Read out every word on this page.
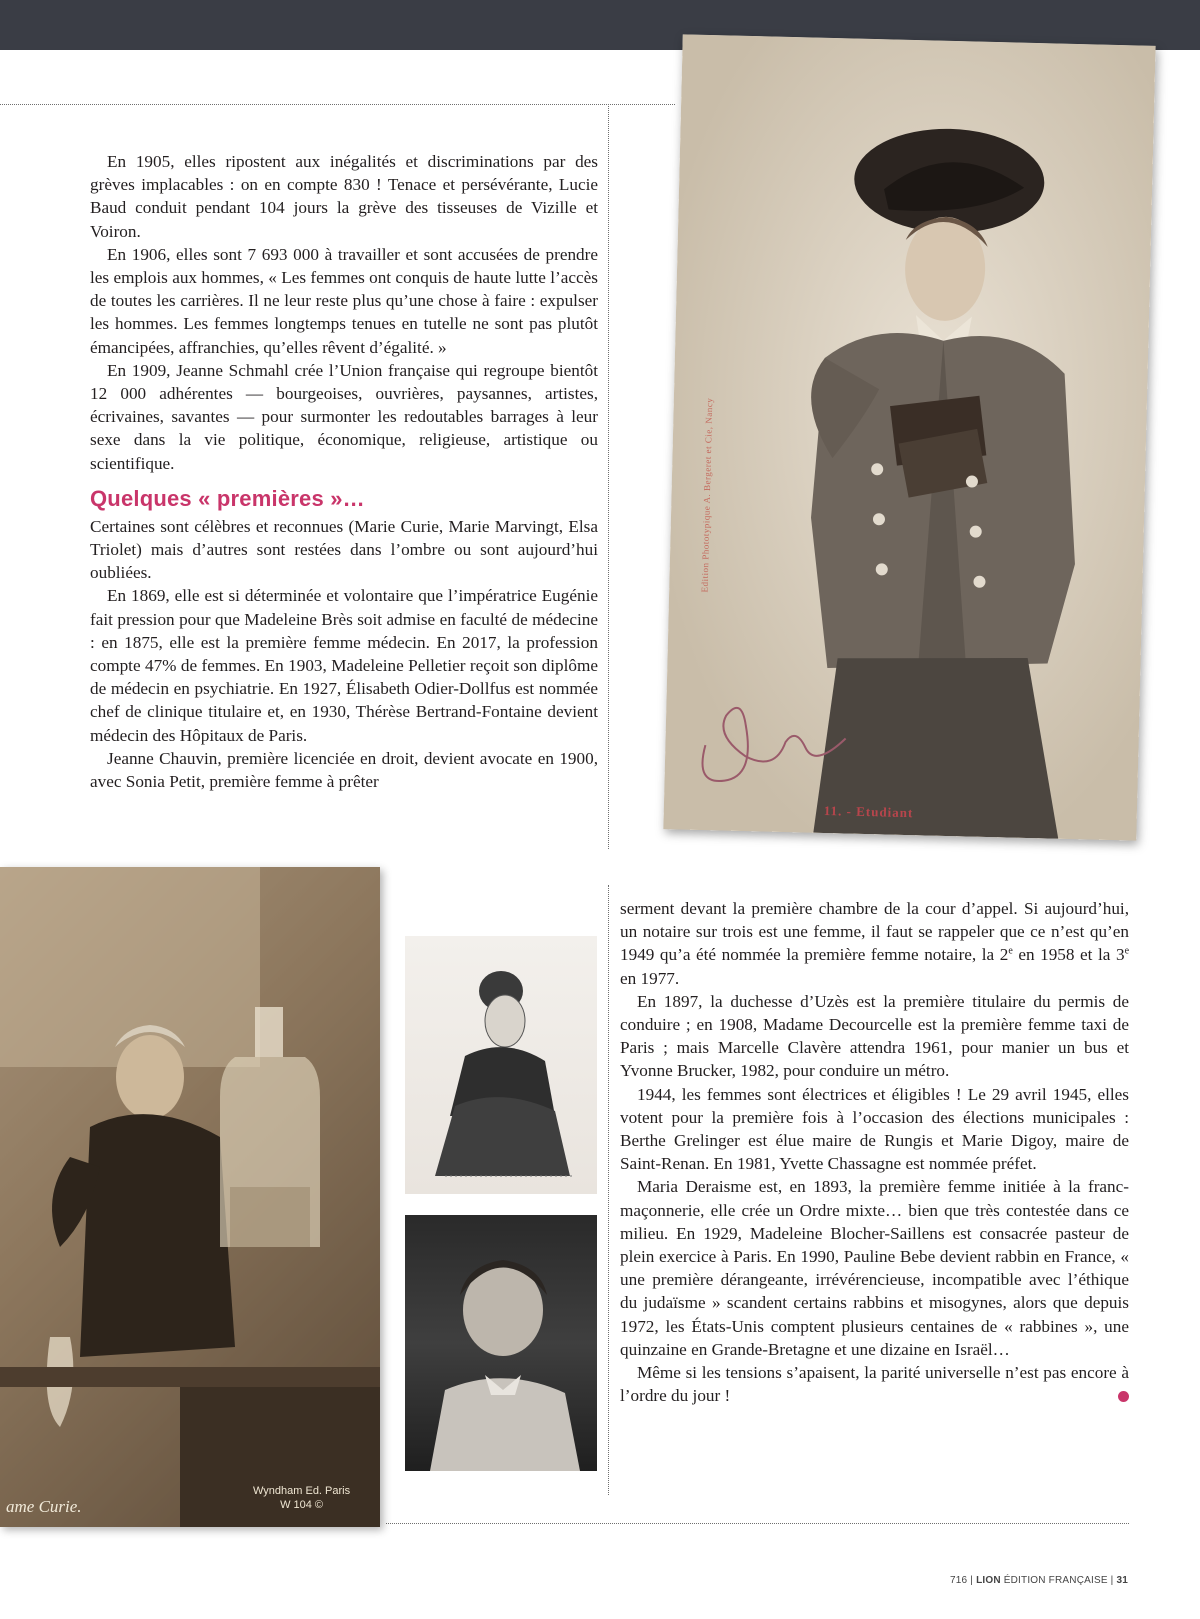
En 1905, elles ripostent aux inégalités et discriminations par des grèves implacables : on en compte 830 ! Tenace et persévérante, Lucie Baud conduit pendant 104 jours la grève des tisseuses de Vizille et Voiron.

En 1906, elles sont 7 693 000 à travailler et sont accusées de prendre les emplois aux hommes, « Les femmes ont conquis de haute lutte l’accès de toutes les carrières. Il ne leur reste plus qu’une chose à faire : expulser les hommes. Les femmes longtemps tenues en tutelle ne sont pas plutôt émancipées, affranchies, qu’elles rêvent d’égalité. »

En 1909, Jeanne Schmahl crée l’Union française qui regroupe bientôt 12 000 adhérentes — bourgeoises, ouvrières, paysannes, artistes, écrivaines, savantes — pour surmonter les redoutables barrages à leur sexe dans la vie politique, économique, religieuse, artistique ou scientifique.

Quelques « premières »…

Certaines sont célèbres et reconnues (Marie Curie, Marie Marvingt, Elsa Triolet) mais d’autres sont restées dans l’ombre ou sont aujourd’hui oubliées.

En 1869, elle est si déterminée et volontaire que l’impératrice Eugénie fait pression pour que Madeleine Brès soit admise en faculté de médecine : en 1875, elle est la première femme médecin. En 2017, la profession compte 47% de femmes. En 1903, Madeleine Pelletier reçoit son diplôme de médecin en psychiatrie. En 1927, Élisabeth Odier-Dollfus est nommée chef de clinique titulaire et, en 1930, Thérèse Bertrand-Fontaine devient médecin des Hôpitaux de Paris.

Jeanne Chauvin, première licenciée en droit, devient avocate en 1900, avec Sonia Petit, première femme à prêter

Edition Phototypique A. Bergeret et Cie, Nancy
11. - Etudiant
ame Curie.
Wyndham Ed. Paris
W 104 ©

serment devant la première chambre de la cour d’appel. Si aujourd’hui, un notaire sur trois est une femme, il faut se rappeler que ce n’est qu’en 1949 qu’a été nommée la première femme notaire, la 2e en 1958 et la 3e en 1977.

En 1897, la duchesse d’Uzès est la première titulaire du permis de conduire ; en 1908, Madame Decourcelle est la première femme taxi de Paris ; mais Marcelle Clavère attendra 1961, pour manier un bus et Yvonne Brucker, 1982, pour conduire un métro.

1944, les femmes sont électrices et éligibles ! Le 29 avril 1945, elles votent pour la première fois à l’occasion des élections municipales : Berthe Grelinger est élue maire de Rungis et Marie Digoy, maire de Saint-Renan. En 1981, Yvette Chassagne est nommée préfet.

Maria Deraisme est, en 1893, la première femme initiée à la franc-maçonnerie, elle crée un Ordre mixte… bien que très contestée dans ce milieu. En 1929, Madeleine Blocher-Saillens est consacrée pasteur de plein exercice à Paris. En 1990, Pauline Bebe devient rabbin en France, « une première dérangeante, irrévérencieuse, incompatible avec l’éthique du judaïsme » scandent certains rabbins et misogynes, alors que depuis 1972, les États-Unis comptent plusieurs centaines de « rabbines », une quinzaine en Grande-Bretagne et une dizaine en Israël…

Même si les tensions s’apaisent, la parité universelle n’est pas encore à l’ordre du jour !

716 | LION ÉDITION FRANÇAISE | 31
